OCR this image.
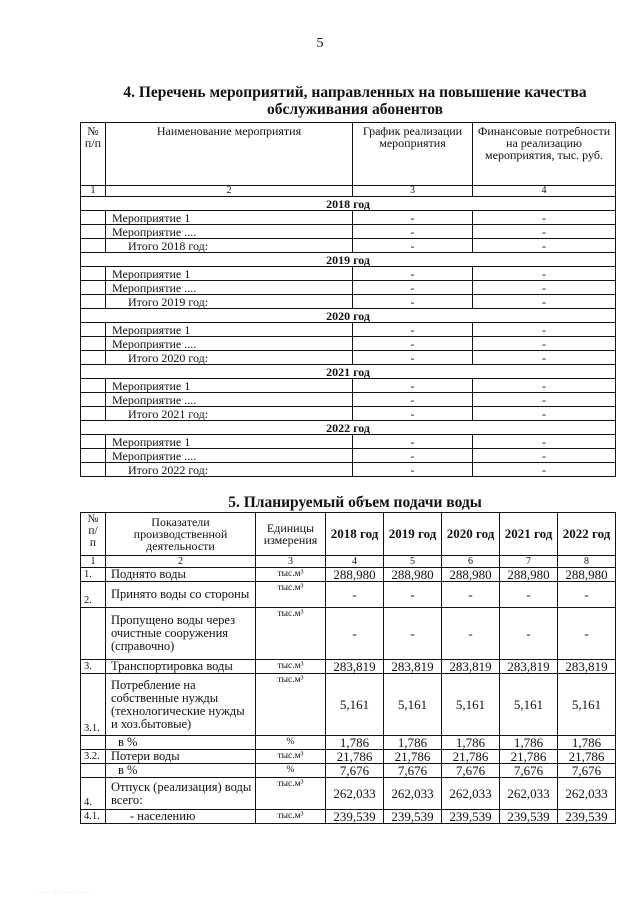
5
4. Перечень мероприятий, направленных на повышение качества
обслуживания абонентов
№ п/п	Наименование мероприятия	График реализации мероприятия	Финансовые потребности на реализацию мероприятия, тыс. руб.
1	2	3	4
2018 год			
	Мероприятие 1	-	-
	Мероприятие ....	-	-
	Итого 2018 год:	-	-
2019 год			
	Мероприятие 1	-	-
	Мероприятие ....	-	-
	Итого 2019 год:	-	-
2020 год			
	Мероприятие 1	-	-
	Мероприятие ....	-	-
	Итого 2020 год:	-	-
2021 год			
	Мероприятие 1	-	-
	Мероприятие ....	-	-
	Итого 2021 год:	-	-
2022 год			
	Мероприятие 1	-	-
	Мероприятие ....	-	-
	Итого 2022 год:	-	-
5. Планируемый объем подачи воды
№ п/ п	Показатели производственной деятельности	Единицы измерения	2018 год	2019 год	2020 год	2021 год	2022 год
1	2	3	4	5	6	7	8
1.	Поднято воды	тыс.м³	288,980	288,980	288,980	288,980	288,980
2.	Принято воды со стороны	тыс.м³	-	-	-	-	-
	Пропущено воды через очистные сооружения (справочно)	тыс.м³	-	-	-	-	-
3.	Транспортировка воды	тыс.м³	283,819	283,819	283,819	283,819	283,819
3.1.	Потребление на собственные нужды (технологические нужды и хоз.бытовые)	тыс.м³	5,161	5,161	5,161	5,161	5,161
	в %	%	1,786	1,786	1,786	1,786	1,786
3.2.	Потери воды	тыс.м³	21,786	21,786	21,786	21,786	21,786
	в %	%	7,676	7,676	7,676	7,676	7,676
4.	Отпуск (реализация) воды всего:	тыс.м³	262,033	262,033	262,033	262,033	262,033
4.1.	- населению	тыс.м³	239,539	239,539	239,539	239,539	239,539
· · .··:·· ·.·:·.·· ·
